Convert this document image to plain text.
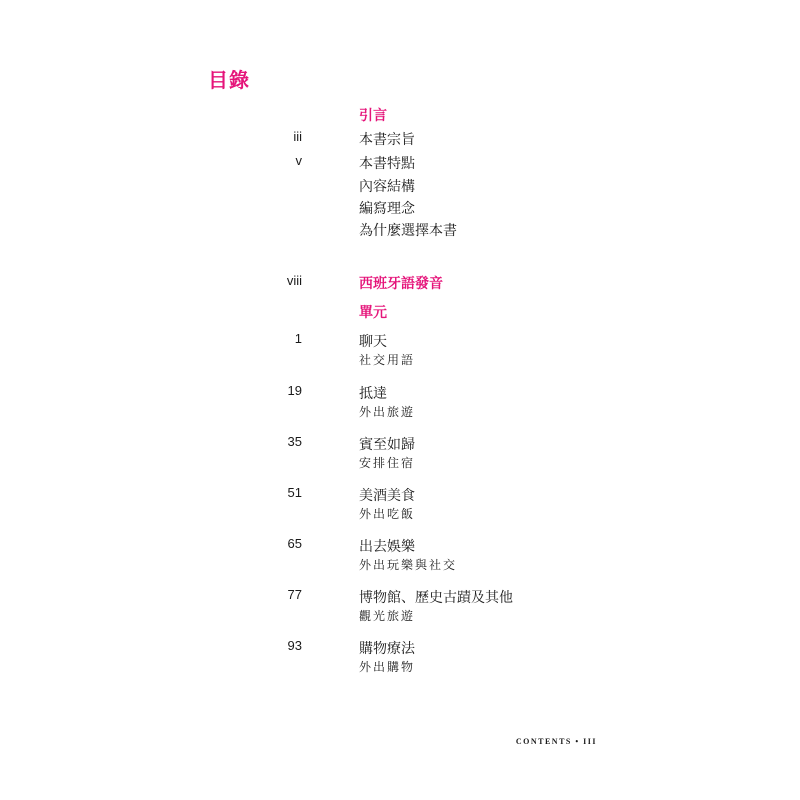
目錄
引言
iii	本書宗旨
v	本書特點
內容結構
編寫理念
為什麼選擇本書
viii	西班牙語發音
單元
1	聊天
社交用語
19	抵達
外出旅遊
35	賓至如歸
安排住宿
51	美酒美食
外出吃飯
65	出去娛樂
外出玩樂與社交
77	博物館、歷史古蹟及其他
觀光旅遊
93	購物療法
外出購物
CONTENTS • III
